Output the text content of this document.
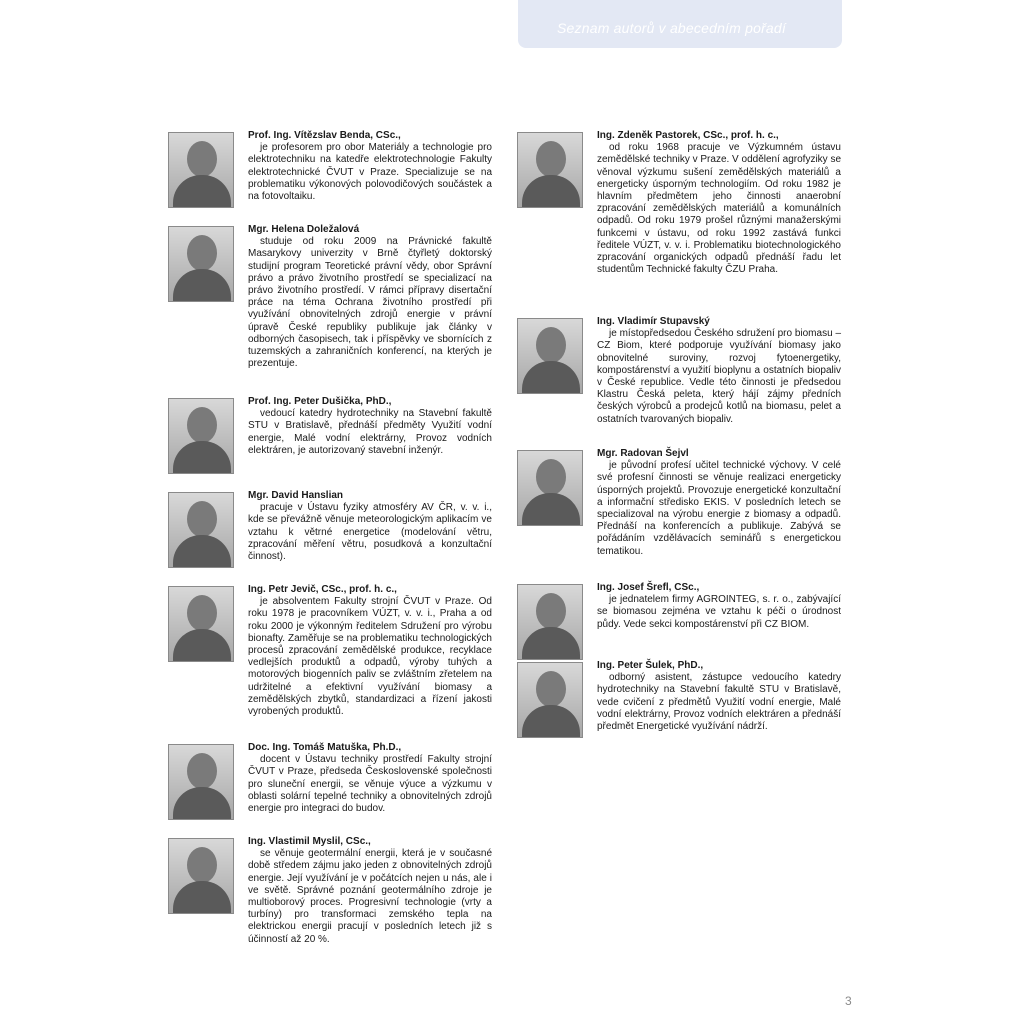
Seznam autorů v abecedním pořadí
Prof. Ing. Vítězslav Benda, CSc.,
je profesorem pro obor Materiály a technologie pro elektrotechniku na katedře elektrotechnologie Fakulty elektrotechnické ČVUT v Praze. Specializuje se na problematiku výkonových polovodičových součástek a na fotovoltaiku.
Mgr. Helena Doležalová
studuje od roku 2009 na Právnické fakultě Masarykovy univerzity v Brně čtyřletý doktorský studijní program Teoretické právní vědy, obor Správní právo a právo životního prostředí se specializací na právo životního prostředí. V rámci přípravy disertační práce na téma Ochrana životního prostředí při využívání obnovitelných zdrojů energie v právní úpravě České republiky publikuje jak články v odborných časopisech, tak i příspěvky ve sbornících z tuzemských a zahraničních konferencí, na kterých je prezentuje.
Prof. Ing. Peter Dušička, PhD.,
vedoucí katedry hydrotechniky na Stavební fakultě STU v Bratislavě, přednáší předměty Využití vodní energie, Malé vodní elektrárny, Provoz vodních elektráren, je autorizovaný stavební inženýr.
Mgr. David Hanslian
pracuje v Ústavu fyziky atmosféry AV ČR, v. v. i., kde se převážně věnuje meteorologickým aplikacím ve vztahu k větrné energetice (modelování větru, zpracování měření větru, posudková a konzultační činnost).
Ing. Petr Jevič, CSc., prof. h. c.,
je absolventem Fakulty strojní ČVUT v Praze. Od roku 1978 je pracovníkem VÚZT, v. v. i., Praha a od roku 2000 je výkonným ředitelem Sdružení pro výrobu bionafty. Zaměřuje se na problematiku technologických procesů zpracování zemědělské produkce, recyklace vedlejších produktů a odpadů, výroby tuhých a motorových biogenních paliv se zvláštním zřetelem na udržitelné a efektivní využívání biomasy a zemědělských zbytků, standardizaci a řízení jakosti vyrobených produktů.
Doc. Ing. Tomáš Matuška, Ph.D.,
docent v Ústavu techniky prostředí Fakulty strojní ČVUT v Praze, předseda Československé společnosti pro sluneční energii, se věnuje výuce a výzkumu v oblasti solární tepelné techniky a obnovitelných zdrojů energie pro integraci do budov.
Ing. Vlastimil Myslil, CSc.,
se věnuje geotermální energii, která je v současné době středem zájmu jako jeden z obnovitelných zdrojů energie. Její využívání je v počátcích nejen u nás, ale i ve světě. Správné poznání geotermálního zdroje je multioborový proces. Progresivní technologie (vrty a turbíny) pro transformaci zemského tepla na elektrickou energii pracují v posledních letech již s účinností až 20 %.
Ing. Zdeněk Pastorek, CSc., prof. h. c.,
od roku 1968 pracuje ve Výzkumném ústavu zemědělské techniky v Praze. V oddělení agrofyziky se věnoval výzkumu sušení zemědělských materiálů a energeticky úsporným technologiím. Od roku 1982 je hlavním předmětem jeho činnosti anaerobní zpracování zemědělských materiálů a komunálních odpadů. Od roku 1979 prošel různými manažerskými funkcemi v ústavu, od roku 1992 zastává funkci ředitele VÚZT, v. v. i. Problematiku biotechnologického zpracování organických odpadů přednáší řadu let studentům Technické fakulty ČZU Praha.
Ing. Vladimír Stupavský
je místopředsedou Českého sdružení pro biomasu – CZ Biom, které podporuje využívání biomasy jako obnovitelné suroviny, rozvoj fytoenergetiky, kompostárenství a využití bioplynu a ostatních biopaliv v České republice. Vedle této činnosti je předsedou Klastru Česká peleta, který hájí zájmy předních českých výrobců a prodejců kotlů na biomasu, pelet a ostatních tvarovaných biopaliv.
Mgr. Radovan Šejvl
je původní profesí učitel technické výchovy. V celé své profesní činnosti se věnuje realizaci energeticky úsporných projektů. Provozuje energetické konzultační a informační středisko EKIS. V posledních letech se specializoval na výrobu energie z biomasy a odpadů. Přednáší na konferencích a publikuje. Zabývá se pořádáním vzdělávacích seminářů s energetickou tematikou.
Ing. Josef Šrefl, CSc.,
je jednatelem firmy AGROINTEG, s. r. o., zabývající se biomasou zejména ve vztahu k péči o úrodnost půdy. Vede sekci kompostárenství při CZ BIOM.
Ing. Peter Šulek, PhD.,
odborný asistent, zástupce vedoucího katedry hydrotechniky na Stavební fakultě STU v Bratislavě, vede cvičení z předmětů Využití vodní energie, Malé vodní elektrárny, Provoz vodních elektráren a přednáší předmět Energetické využívání nádrží.
3
